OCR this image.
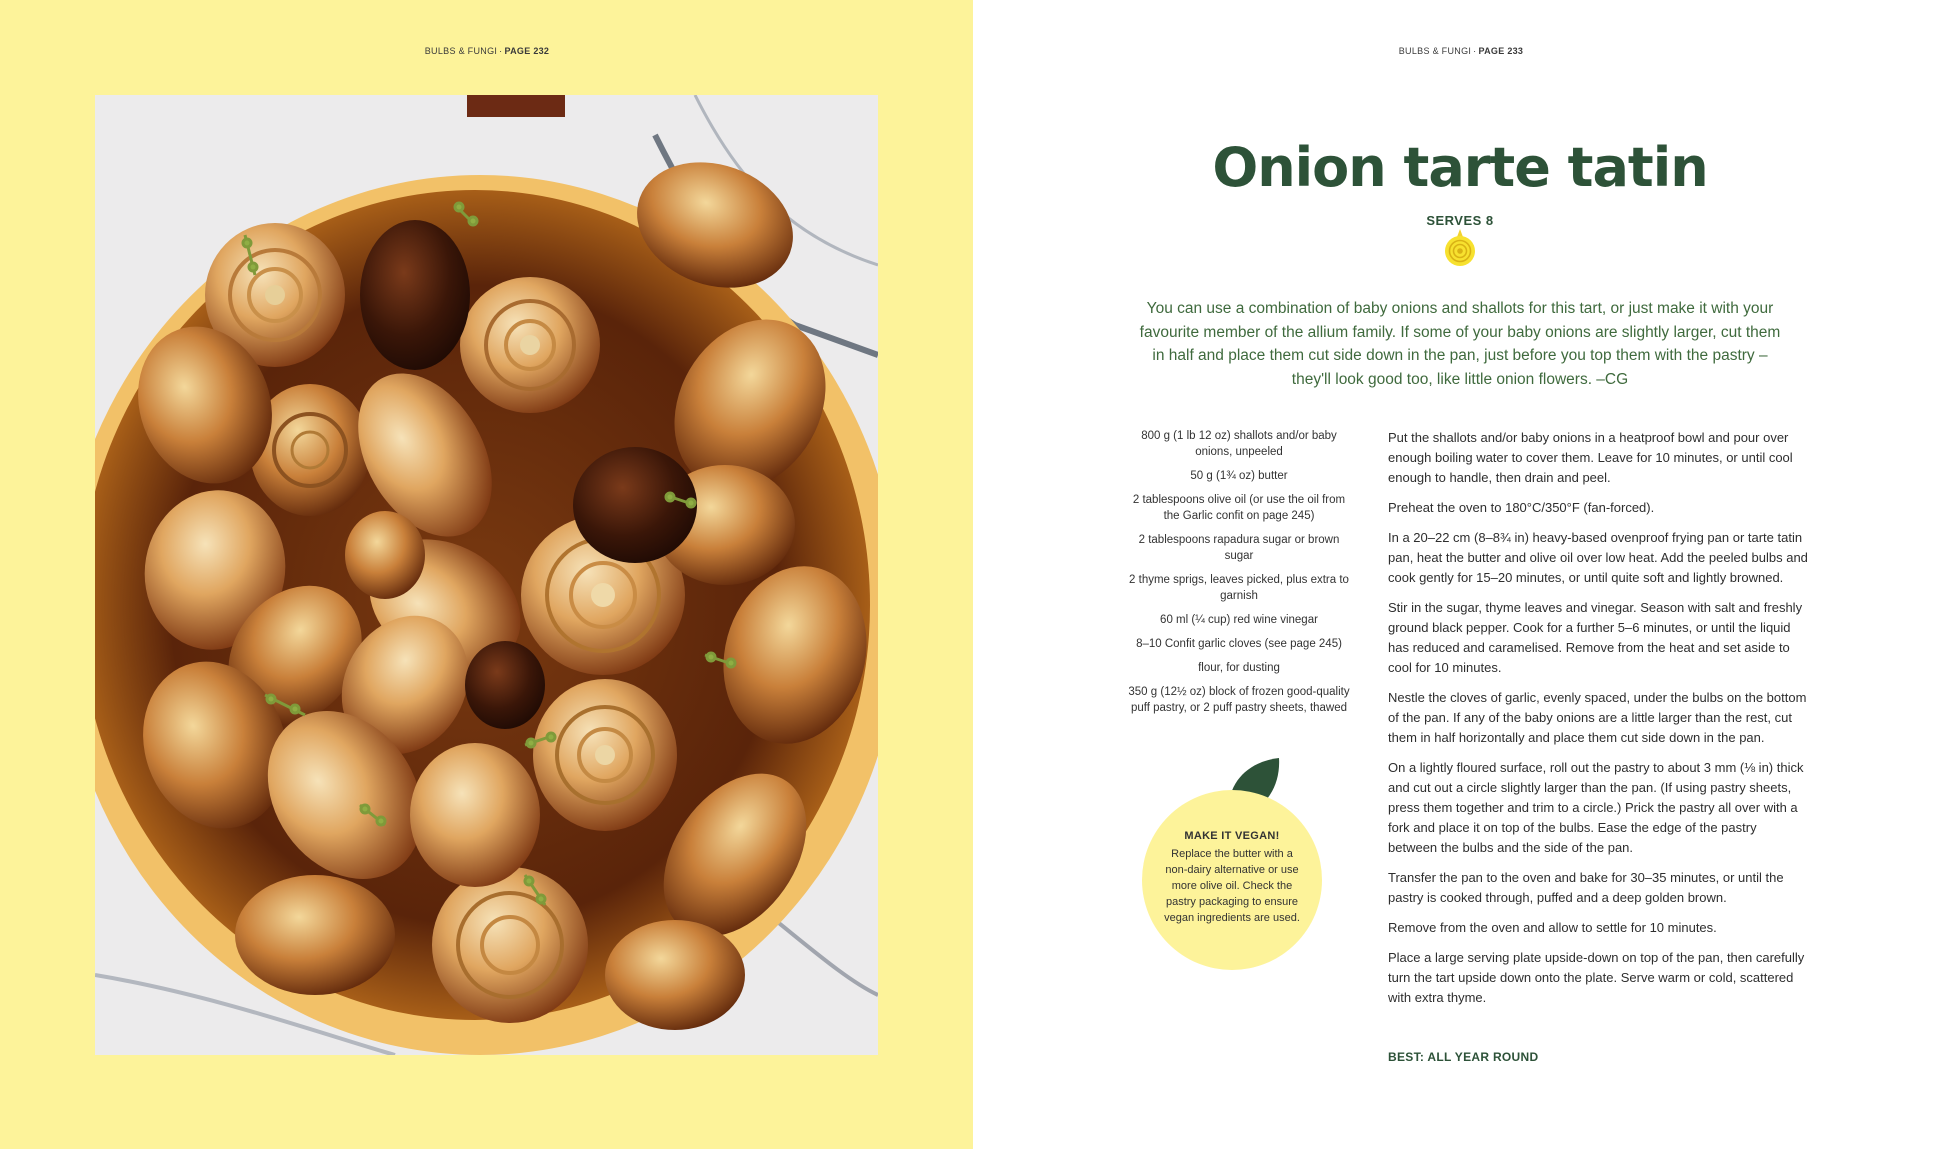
BULBS & FUNGI · PAGE 232	BULBS & FUNGI · PAGE 233
Onion tarte tatin
SERVES 8
You can use a combination of baby onions and shallots for this tart, or just make it with your favourite member of the allium family. If some of your baby onions are slightly larger, cut them in half and place them cut side down in the pan, just before you top them with the pastry – they'll look good too, like little onion flowers. –CG
800 g (1 lb 12 oz) shallots and/or baby onions, unpeeled
50 g (1¾ oz) butter
2 tablespoons olive oil (or use the oil from the Garlic confit on page 245)
2 tablespoons rapadura sugar or brown sugar
2 thyme sprigs, leaves picked, plus extra to garnish
60 ml (¼ cup) red wine vinegar
8–10 Confit garlic cloves (see page 245)
flour, for dusting
350 g (12½ oz) block of frozen good-quality puff pastry, or 2 puff pastry sheets, thawed
MAKE IT VEGAN!
Replace the butter with a non-dairy alternative or use more olive oil. Check the pastry packaging to ensure vegan ingredients are used.

Put the shallots and/or baby onions in a heatproof bowl and pour over enough boiling water to cover them. Leave for 10 minutes, or until cool enough to handle, then drain and peel.

Preheat the oven to 180°C/350°F (fan-forced).

In a 20–22 cm (8–8¾ in) heavy-based ovenproof frying pan or tarte tatin pan, heat the butter and olive oil over low heat. Add the peeled bulbs and cook gently for 15–20 minutes, or until quite soft and lightly browned.

Stir in the sugar, thyme leaves and vinegar. Season with salt and freshly ground black pepper. Cook for a further 5–6 minutes, or until the liquid has reduced and caramelised. Remove from the heat and set aside to cool for 10 minutes.

Nestle the cloves of garlic, evenly spaced, under the bulbs on the bottom of the pan. If any of the baby onions are a little larger than the rest, cut them in half horizontally and place them cut side down in the pan.

On a lightly floured surface, roll out the pastry to about 3 mm (⅛ in) thick and cut out a circle slightly larger than the pan. (If using pastry sheets, press them together and trim to a circle.) Prick the pastry all over with a fork and place it on top of the bulbs. Ease the edge of the pastry between the bulbs and the side of the pan.

Transfer the pan to the oven and bake for 30–35 minutes, or until the pastry is cooked through, puffed and a deep golden brown.

Remove from the oven and allow to settle for 10 minutes.

Place a large serving plate upside-down on top of the pan, then carefully turn the tart upside down onto the plate. Serve warm or cold, scattered with extra thyme.

BEST: ALL YEAR ROUND
